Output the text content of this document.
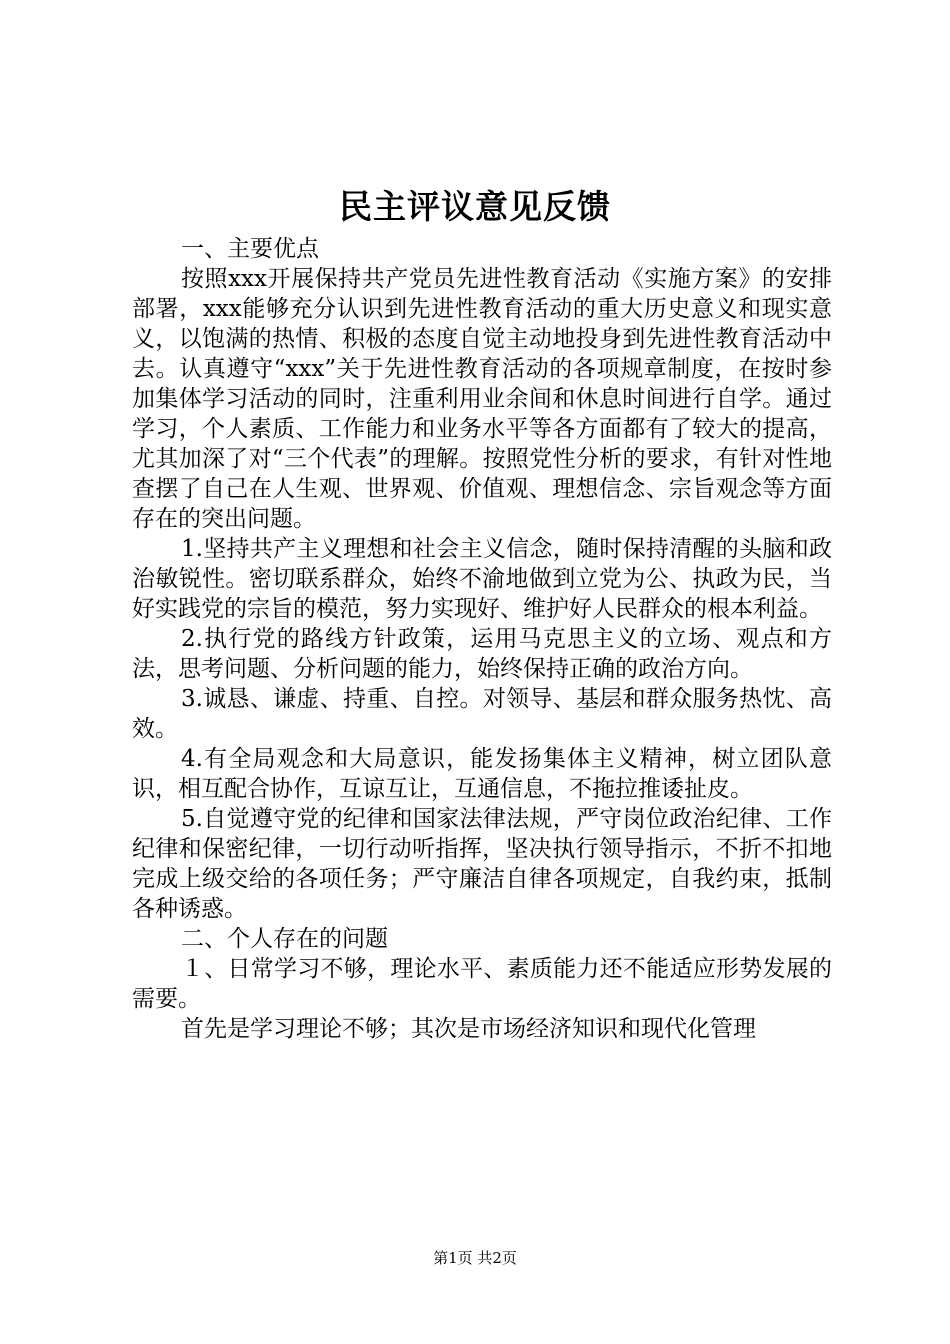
民主评议意见反馈

一、主要优点

按照xxx开展保持共产党员先进性教育活动《实施方案》的安排部署，xxx能够充分认识到先进性教育活动的重大历史意义和现实意义，以饱满的热情、积极的态度自觉主动地投身到先进性教育活动中去。认真遵守“xxx”关于先进性教育活动的各项规章制度，在按时参加集体学习活动的同时，注重利用业余间和休息时间进行自学。通过学习，个人素质、工作能力和业务水平等各方面都有了较大的提高，尤其加深了对“三个代表”的理解。按照党性分析的要求，有针对性地查摆了自己在人生观、世界观、价值观、理想信念、宗旨观念等方面存在的突出问题。

1.坚持共产主义理想和社会主义信念，随时保持清醒的头脑和政治敏锐性。密切联系群众，始终不渝地做到立党为公、执政为民，当好实践党的宗旨的模范，努力实现好、维护好人民群众的根本利益。

2.执行党的路线方针政策，运用马克思主义的立场、观点和方法，思考问题、分析问题的能力，始终保持正确的政治方向。

3.诚恳、谦虚、持重、自控。对领导、基层和群众服务热忱、高效。

4.有全局观念和大局意识，能发扬集体主义精神，树立团队意识，相互配合协作，互谅互让，互通信息，不拖拉推诿扯皮。

5.自觉遵守党的纪律和国家法律法规，严守岗位政治纪律、工作纪律和保密纪律，一切行动听指挥，坚决执行领导指示，不折不扣地完成上级交给的各项任务；严守廉洁自律各项规定，自我约束，抵制各种诱惑。

二、个人存在的问题

１、日常学习不够，理论水平、素质能力还不能适应形势发展的需要。

首先是学习理论不够；其次是市场经济知识和现代化管理

第1页 共2页
